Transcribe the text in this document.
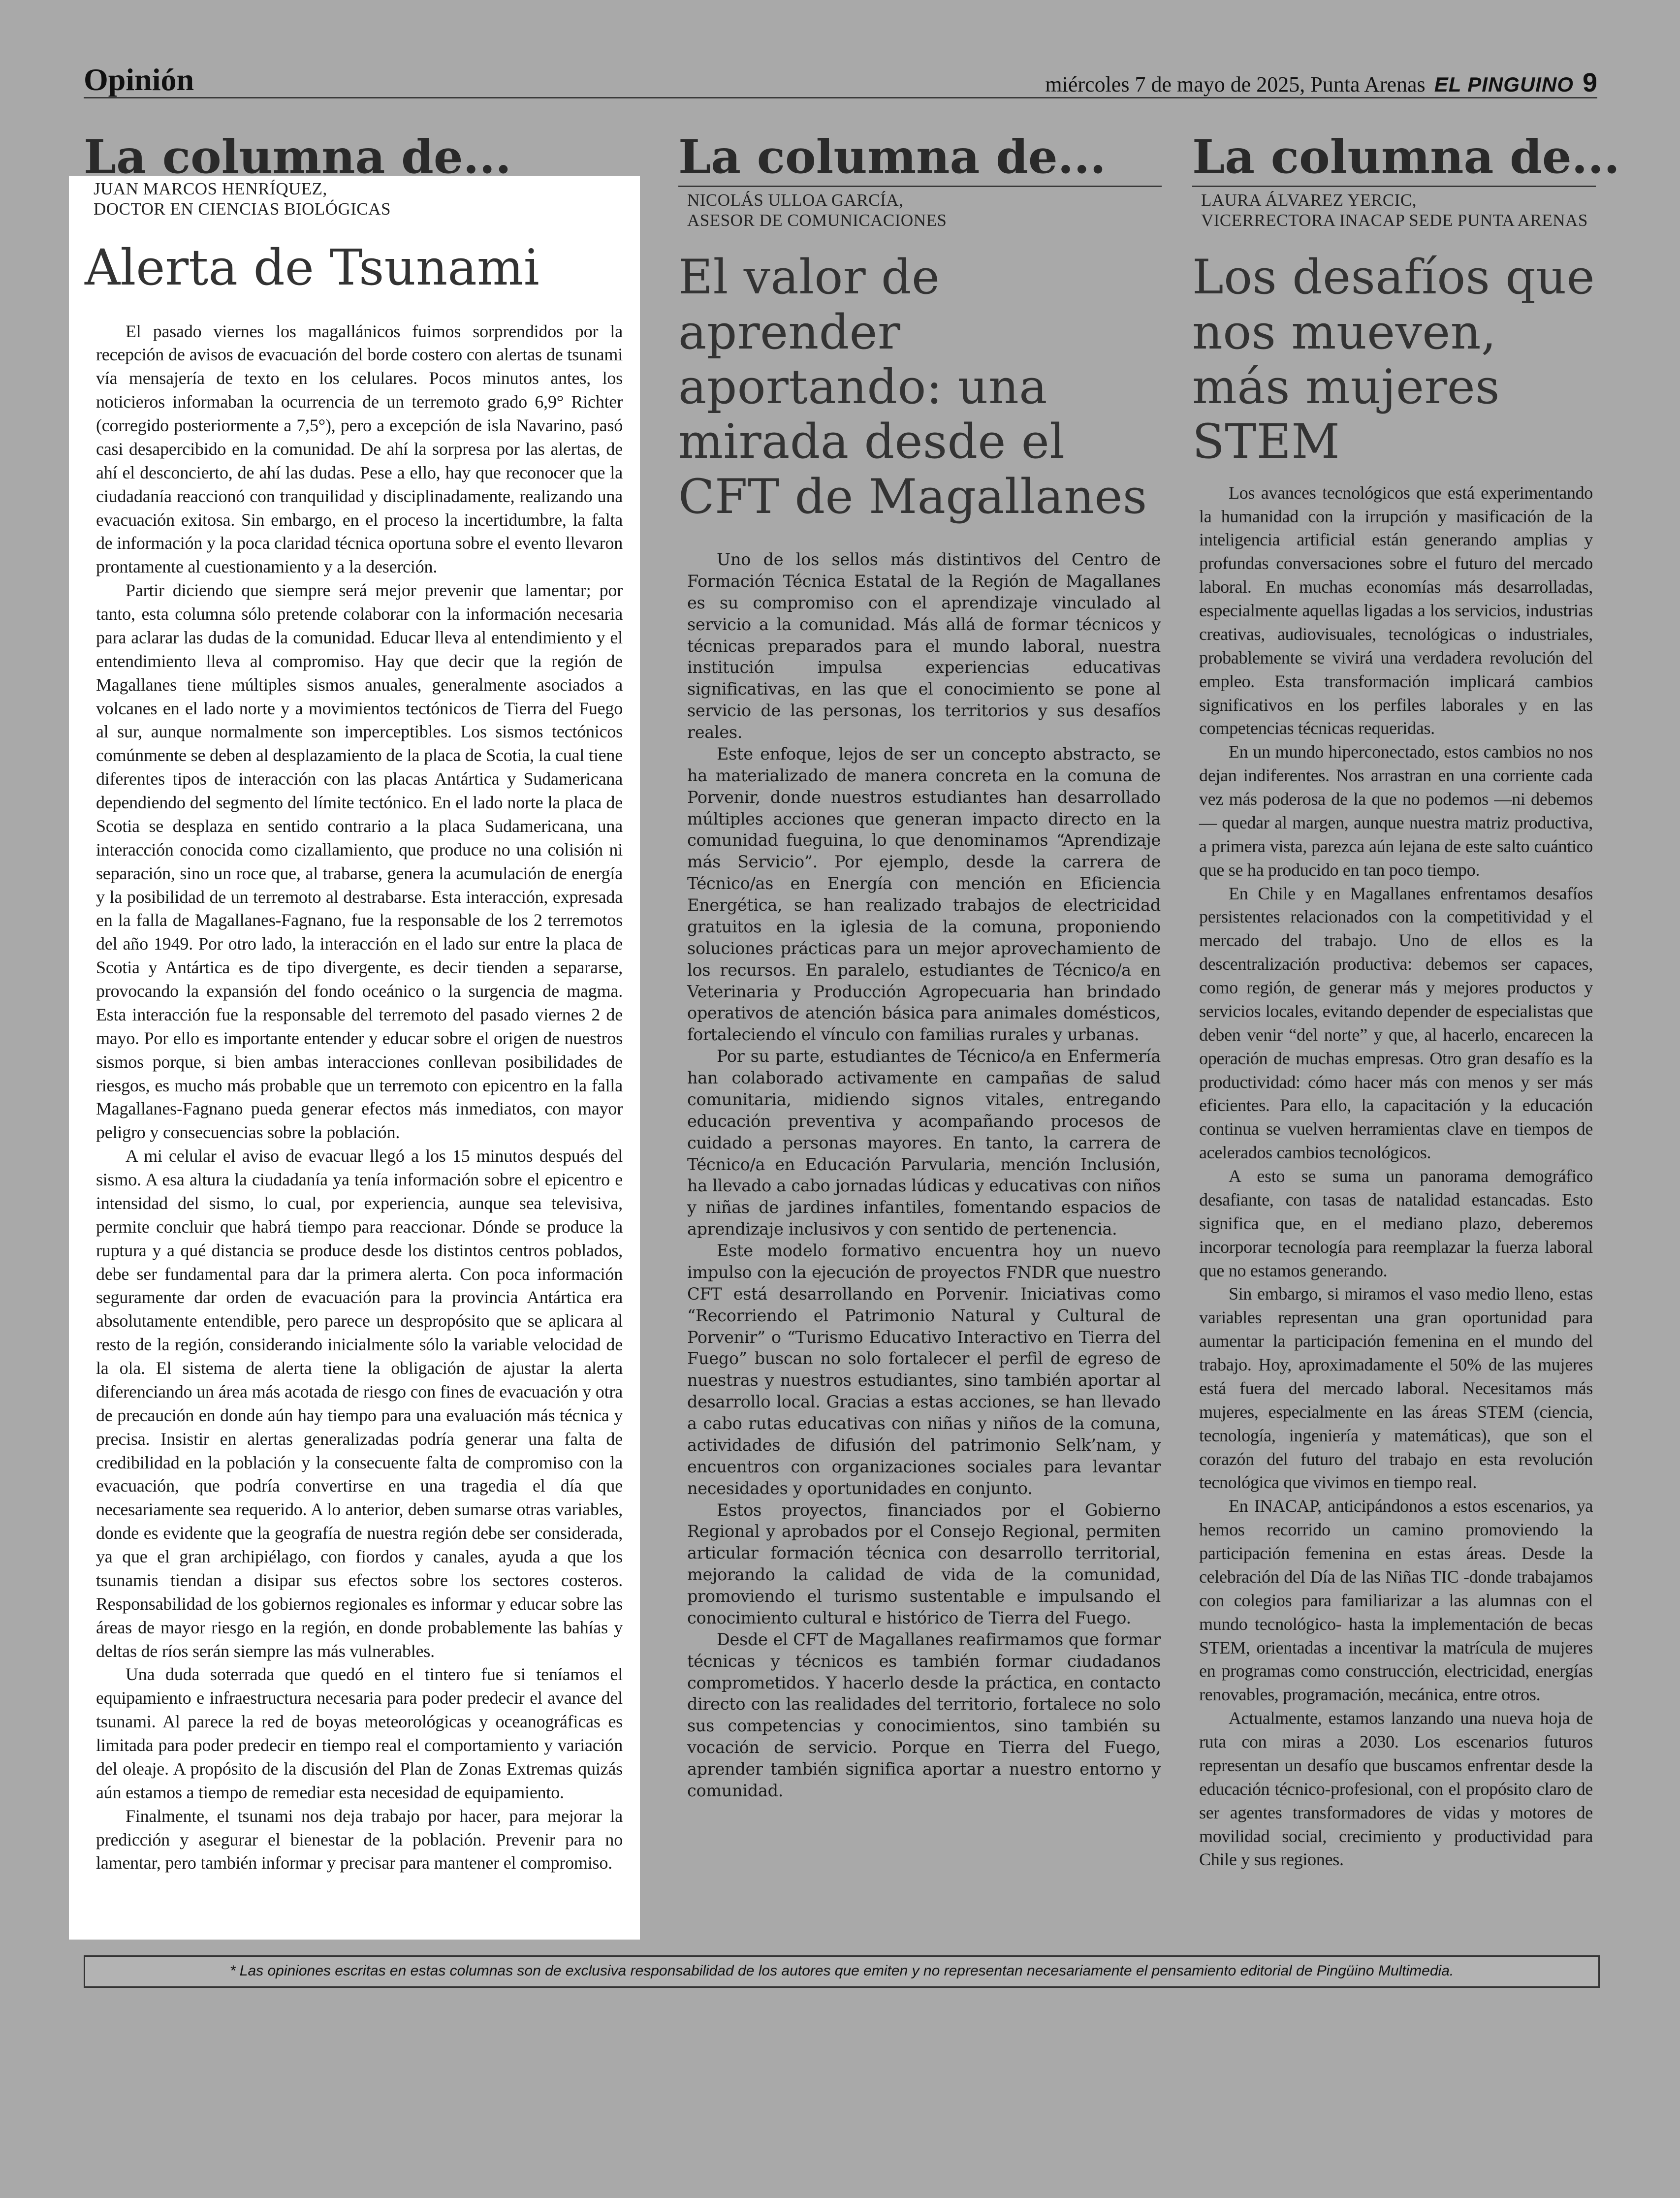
Opinión	miércoles 7 de mayo de 2025, Punta Arenas EL PINGUINO 9
La columna de...
JUAN MARCOS HENRÍQUEZ,
DOCTOR EN CIENCIAS BIOLÓGICAS
Alerta de Tsunami

El pasado viernes los magallánicos fuimos sorprendidos por la recepción de avisos de evacuación del borde costero con alertas de tsunami vía mensajería de texto en los celulares. Pocos minutos antes, los noticieros informaban la ocurrencia de un terremoto grado 6,9° Richter (corregido posteriormente a 7,5°), pero a excepción de isla Navarino, pasó casi desapercibido en la comunidad. De ahí la sorpresa por las alertas, de ahí el desconcierto, de ahí las dudas. Pese a ello, hay que reconocer que la ciudadanía reaccionó con tranquilidad y disciplinadamente, realizando una evacuación exitosa. Sin embargo, en el proceso la incertidumbre, la falta de información y la poca claridad técnica oportuna sobre el evento llevaron prontamente al cuestionamiento y a la deserción.

Partir diciendo que siempre será mejor prevenir que lamentar; por tanto, esta columna sólo pretende colaborar con la información necesaria para aclarar las dudas de la comunidad. Educar lleva al entendimiento y el entendimiento lleva al compromiso. Hay que decir que la región de Magallanes tiene múltiples sismos anuales, generalmente asociados a volcanes en el lado norte y a movimientos tectónicos de Tierra del Fuego al sur, aunque normalmente son imperceptibles. Los sismos tectónicos comúnmente se deben al desplazamiento de la placa de Scotia, la cual tiene diferentes tipos de interacción con las placas Antártica y Sudamericana dependiendo del segmento del límite tectónico. En el lado norte la placa de Scotia se desplaza en sentido contrario a la placa Sudamericana, una interacción conocida como cizallamiento, que produce no una colisión ni separación, sino un roce que, al trabarse, genera la acumulación de energía y la posibilidad de un terremoto al destrabarse. Esta interacción, expresada en la falla de Magallanes-Fagnano, fue la responsable de los 2 terremotos del año 1949. Por otro lado, la interacción en el lado sur entre la placa de Scotia y Antártica es de tipo divergente, es decir tienden a separarse, provocando la expansión del fondo oceánico o la surgencia de magma. Esta interacción fue la responsable del terremoto del pasado viernes 2 de mayo. Por ello es importante entender y educar sobre el origen de nuestros sismos porque, si bien ambas interacciones conllevan posibilidades de riesgos, es mucho más probable que un terremoto con epicentro en la falla Magallanes-Fagnano pueda generar efectos más inmediatos, con mayor peligro y consecuencias sobre la población.

A mi celular el aviso de evacuar llegó a los 15 minutos después del sismo. A esa altura la ciudadanía ya tenía información sobre el epicentro e intensidad del sismo, lo cual, por experiencia, aunque sea televisiva, permite concluir que habrá tiempo para reaccionar. Dónde se produce la ruptura y a qué distancia se produce desde los distintos centros poblados, debe ser fundamental para dar la primera alerta. Con poca información seguramente dar orden de evacuación para la provincia Antártica era absolutamente entendible, pero parece un despropósito que se aplicara al resto de la región, considerando inicialmente sólo la variable velocidad de la ola. El sistema de alerta tiene la obligación de ajustar la alerta diferenciando un área más acotada de riesgo con fines de evacuación y otra de precaución en donde aún hay tiempo para una evaluación más técnica y precisa. Insistir en alertas generalizadas podría generar una falta de credibilidad en la población y la consecuente falta de compromiso con la evacuación, que podría convertirse en una tragedia el día que necesariamente sea requerido. A lo anterior, deben sumarse otras variables, donde es evidente que la geografía de nuestra región debe ser considerada, ya que el gran archipiélago, con fiordos y canales, ayuda a que los tsunamis tiendan a disipar sus efectos sobre los sectores costeros. Responsabilidad de los gobiernos regionales es informar y educar sobre las áreas de mayor riesgo en la región, en donde probablemente las bahías y deltas de ríos serán siempre las más vulnerables.

Una duda soterrada que quedó en el tintero fue si teníamos el equipamiento e infraestructura necesaria para poder predecir el avance del tsunami. Al parece la red de boyas meteorológicas y oceanográficas es limitada para poder predecir en tiempo real el comportamiento y variación del oleaje. A propósito de la discusión del Plan de Zonas Extremas quizás aún estamos a tiempo de remediar esta necesidad de equipamiento.

Finalmente, el tsunami nos deja trabajo por hacer, para mejorar la predicción y asegurar el bienestar de la población. Prevenir para no lamentar, pero también informar y precisar para mantener el compromiso.

La columna de...
NICOLÁS ULLOA GARCÍA,
ASESOR DE COMUNICACIONES
El valor de aprender aportando: una mirada desde el CFT de Magallanes

Uno de los sellos más distintivos del Centro de Formación Técnica Estatal de la Región de Magallanes es su compromiso con el aprendizaje vinculado al servicio a la comunidad. Más allá de formar técnicos y técnicas preparados para el mundo laboral, nuestra institución impulsa experiencias educativas significativas, en las que el conocimiento se pone al servicio de las personas, los territorios y sus desafíos reales.

Este enfoque, lejos de ser un concepto abstracto, se ha materializado de manera concreta en la comuna de Porvenir, donde nuestros estudiantes han desarrollado múltiples acciones que generan impacto directo en la comunidad fueguina, lo que denominamos “Aprendizaje más Servicio”. Por ejemplo, desde la carrera de Técnico/as en Energía con mención en Eficiencia Energética, se han realizado trabajos de electricidad gratuitos en la iglesia de la comuna, proponiendo soluciones prácticas para un mejor aprovechamiento de los recursos. En paralelo, estudiantes de Técnico/a en Veterinaria y Producción Agropecuaria han brindado operativos de atención básica para animales domésticos, fortaleciendo el vínculo con familias rurales y urbanas.

Por su parte, estudiantes de Técnico/a en Enfermería han colaborado activamente en campañas de salud comunitaria, midiendo signos vitales, entregando educación preventiva y acompañando procesos de cuidado a personas mayores. En tanto, la carrera de Técnico/a en Educación Parvularia, mención Inclusión, ha llevado a cabo jornadas lúdicas y educativas con niños y niñas de jardines infantiles, fomentando espacios de aprendizaje inclusivos y con sentido de pertenencia.

Este modelo formativo encuentra hoy un nuevo impulso con la ejecución de proyectos FNDR que nuestro CFT está desarrollando en Porvenir. Iniciativas como “Recorriendo el Patrimonio Natural y Cultural de Porvenir” o “Turismo Educativo Interactivo en Tierra del Fuego” buscan no solo fortalecer el perfil de egreso de nuestras y nuestros estudiantes, sino también aportar al desarrollo local. Gracias a estas acciones, se han llevado a cabo rutas educativas con niñas y niños de la comuna, actividades de difusión del patrimonio Selk’nam, y encuentros con organizaciones sociales para levantar necesidades y oportunidades en conjunto.

Estos proyectos, financiados por el Gobierno Regional y aprobados por el Consejo Regional, permiten articular formación técnica con desarrollo territorial, mejorando la calidad de vida de la comunidad, promoviendo el turismo sustentable e impulsando el conocimiento cultural e histórico de Tierra del Fuego.

Desde el CFT de Magallanes reafirmamos que formar técnicas y técnicos es también formar ciudadanos comprometidos. Y hacerlo desde la práctica, en contacto directo con las realidades del territorio, fortalece no solo sus competencias y conocimientos, sino también su vocación de servicio. Porque en Tierra del Fuego, aprender también significa aportar a nuestro entorno y comunidad.

La columna de...
LAURA ÁLVAREZ YERCIC,
VICERRECTORA INACAP SEDE PUNTA ARENAS
Los desafíos que nos mueven, más mujeres STEM

Los avances tecnológicos que está experimentando la humanidad con la irrupción y masificación de la inteligencia artificial están generando amplias y profundas conversaciones sobre el futuro del mercado laboral. En muchas economías más desarrolladas, especialmente aquellas ligadas a los servicios, industrias creativas, audiovisuales, tecnológicas o industriales, probablemente se vivirá una verdadera revolución del empleo. Esta transformación implicará cambios significativos en los perfiles laborales y en las competencias técnicas requeridas.

En un mundo hiperconectado, estos cambios no nos dejan indiferentes. Nos arrastran en una corriente cada vez más poderosa de la que no podemos —ni debemos— quedar al margen, aunque nuestra matriz productiva, a primera vista, parezca aún lejana de este salto cuántico que se ha producido en tan poco tiempo.

En Chile y en Magallanes enfrentamos desafíos persistentes relacionados con la competitividad y el mercado del trabajo. Uno de ellos es la descentralización productiva: debemos ser capaces, como región, de generar más y mejores productos y servicios locales, evitando depender de especialistas que deben venir “del norte” y que, al hacerlo, encarecen la operación de muchas empresas. Otro gran desafío es la productividad: cómo hacer más con menos y ser más eficientes. Para ello, la capacitación y la educación continua se vuelven herramientas clave en tiempos de acelerados cambios tecnológicos.

A esto se suma un panorama demográfico desafiante, con tasas de natalidad estancadas. Esto significa que, en el mediano plazo, deberemos incorporar tecnología para reemplazar la fuerza laboral que no estamos generando.

Sin embargo, si miramos el vaso medio lleno, estas variables representan una gran oportunidad para aumentar la participación femenina en el mundo del trabajo. Hoy, aproximadamente el 50% de las mujeres está fuera del mercado laboral. Necesitamos más mujeres, especialmente en las áreas STEM (ciencia, tecnología, ingeniería y matemáticas), que son el corazón del futuro del trabajo en esta revolución tecnológica que vivimos en tiempo real.

En INACAP, anticipándonos a estos escenarios, ya hemos recorrido un camino promoviendo la participación femenina en estas áreas. Desde la celebración del Día de las Niñas TIC -donde trabajamos con colegios para familiarizar a las alumnas con el mundo tecnológico- hasta la implementación de becas STEM, orientadas a incentivar la matrícula de mujeres en programas como construcción, electricidad, energías renovables, programación, mecánica, entre otros.

Actualmente, estamos lanzando una nueva hoja de ruta con miras a 2030. Los escenarios futuros representan un desafío que buscamos enfrentar desde la educación técnico-profesional, con el propósito claro de ser agentes transformadores de vidas y motores de movilidad social, crecimiento y productividad para Chile y sus regiones.

* Las opiniones escritas en estas columnas son de exclusiva responsabilidad de los autores que emiten y no representan necesariamente el pensamiento editorial de Pingüino Multimedia.
